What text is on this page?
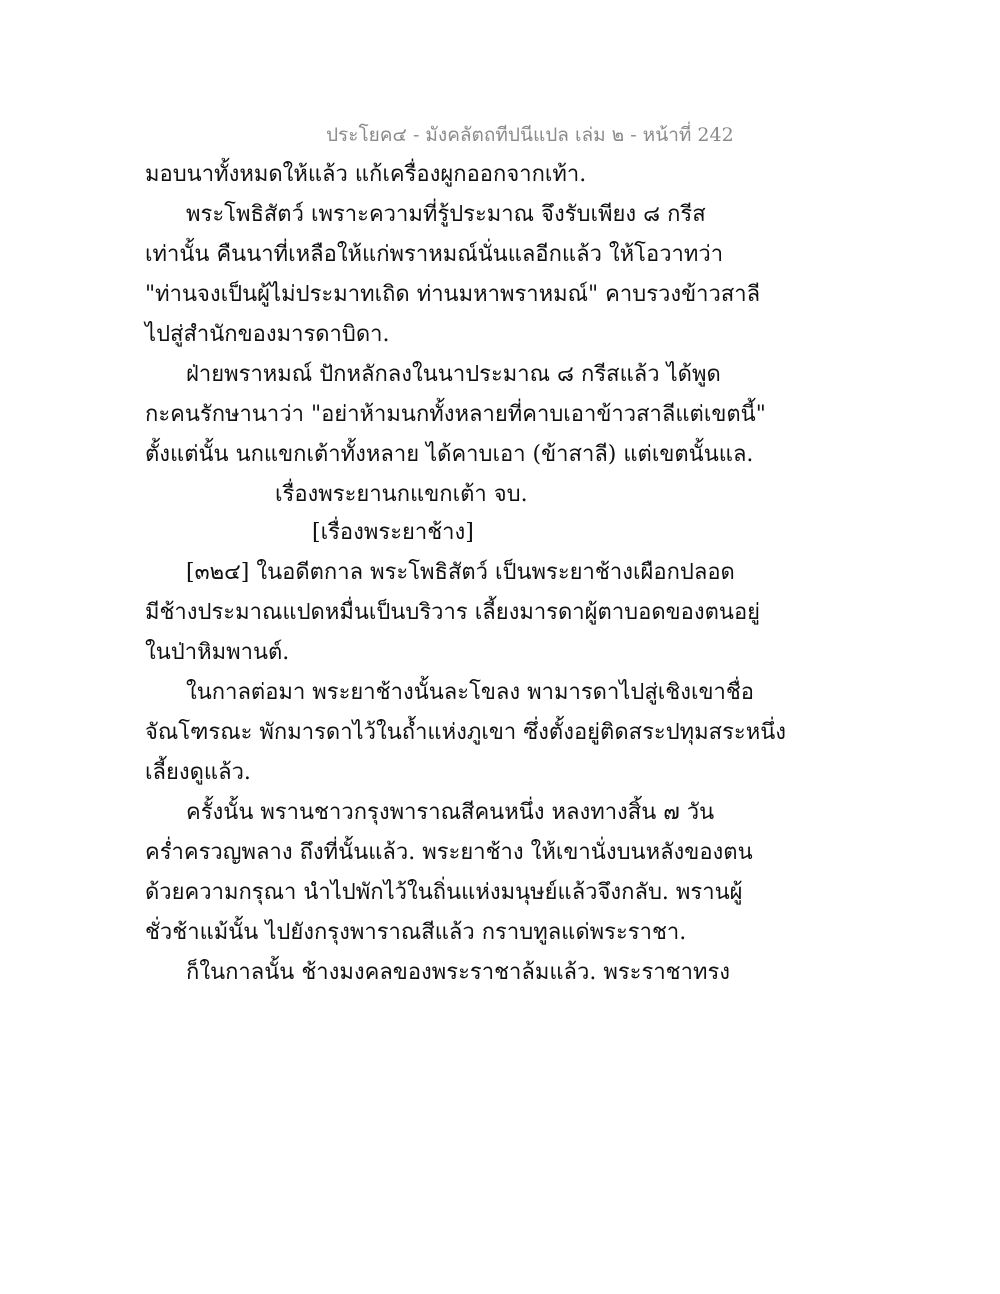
ประโยค๔ - มังคลัตถทีปนีแปล เล่ม ๒ - หน้าที่ 242
มอบนาทั้งหมดให้แล้ว แก้เครื่องผูกออกจากเท้า.
พระโพธิสัตว์ เพราะความที่รู้ประมาณ จึงรับเพียง ๘ กรีส
เท่านั้น คืนนาที่เหลือให้แก่พราหมณ์นั่นแลอีกแล้ว ให้โอวาทว่า
"ท่านจงเป็นผู้ไม่ประมาทเถิด ท่านมหาพราหมณ์" คาบรวงข้าวสาลี
ไปสู่สำนักของมารดาบิดา.
ฝ่ายพราหมณ์ ปักหลักลงในนาประมาณ ๘ กรีสแล้ว ได้พูด
กะคนรักษานาว่า "อย่าห้ามนกทั้งหลายที่คาบเอาข้าวสาลีแต่เขตนี้"
ตั้งแต่นั้น นกแขกเต้าทั้งหลาย ได้คาบเอา (ข้าสาลี) แต่เขตนั้นแล.
เรื่องพระยานกแขกเต้า จบ.
[เรื่องพระยาช้าง]
[๓๒๔] ในอดีตกาล พระโพธิสัตว์ เป็นพระยาช้างเผือกปลอด
มีช้างประมาณแปดหมื่นเป็นบริวาร เลี้ยงมารดาผู้ตาบอดของตนอยู่
ในป่าหิมพานต์.
ในกาลต่อมา พระยาช้างนั้นละโขลง พามารดาไปสู่เชิงเขาชื่อ
จัณโฑรณะ พักมารดาไว้ในถ้ำแห่งภูเขา ซึ่งตั้งอยู่ติดสระปทุมสระหนึ่ง
เลี้ยงดูแล้ว.
ครั้งนั้น พรานชาวกรุงพาราณสีคนหนึ่ง หลงทางสิ้น ๗ วัน
คร่ำครวญพลาง ถึงที่นั้นแล้ว. พระยาช้าง ให้เขานั่งบนหลังของตน
ด้วยความกรุณา นำไปพักไว้ในถิ่นแห่งมนุษย์แล้วจึงกลับ. พรานผู้
ชั่วช้าแม้นั้น ไปยังกรุงพาราณสีแล้ว กราบทูลแด่พระราชา.
ก็ในกาลนั้น ช้างมงคลของพระราชาล้มแล้ว. พระราชาทรง
